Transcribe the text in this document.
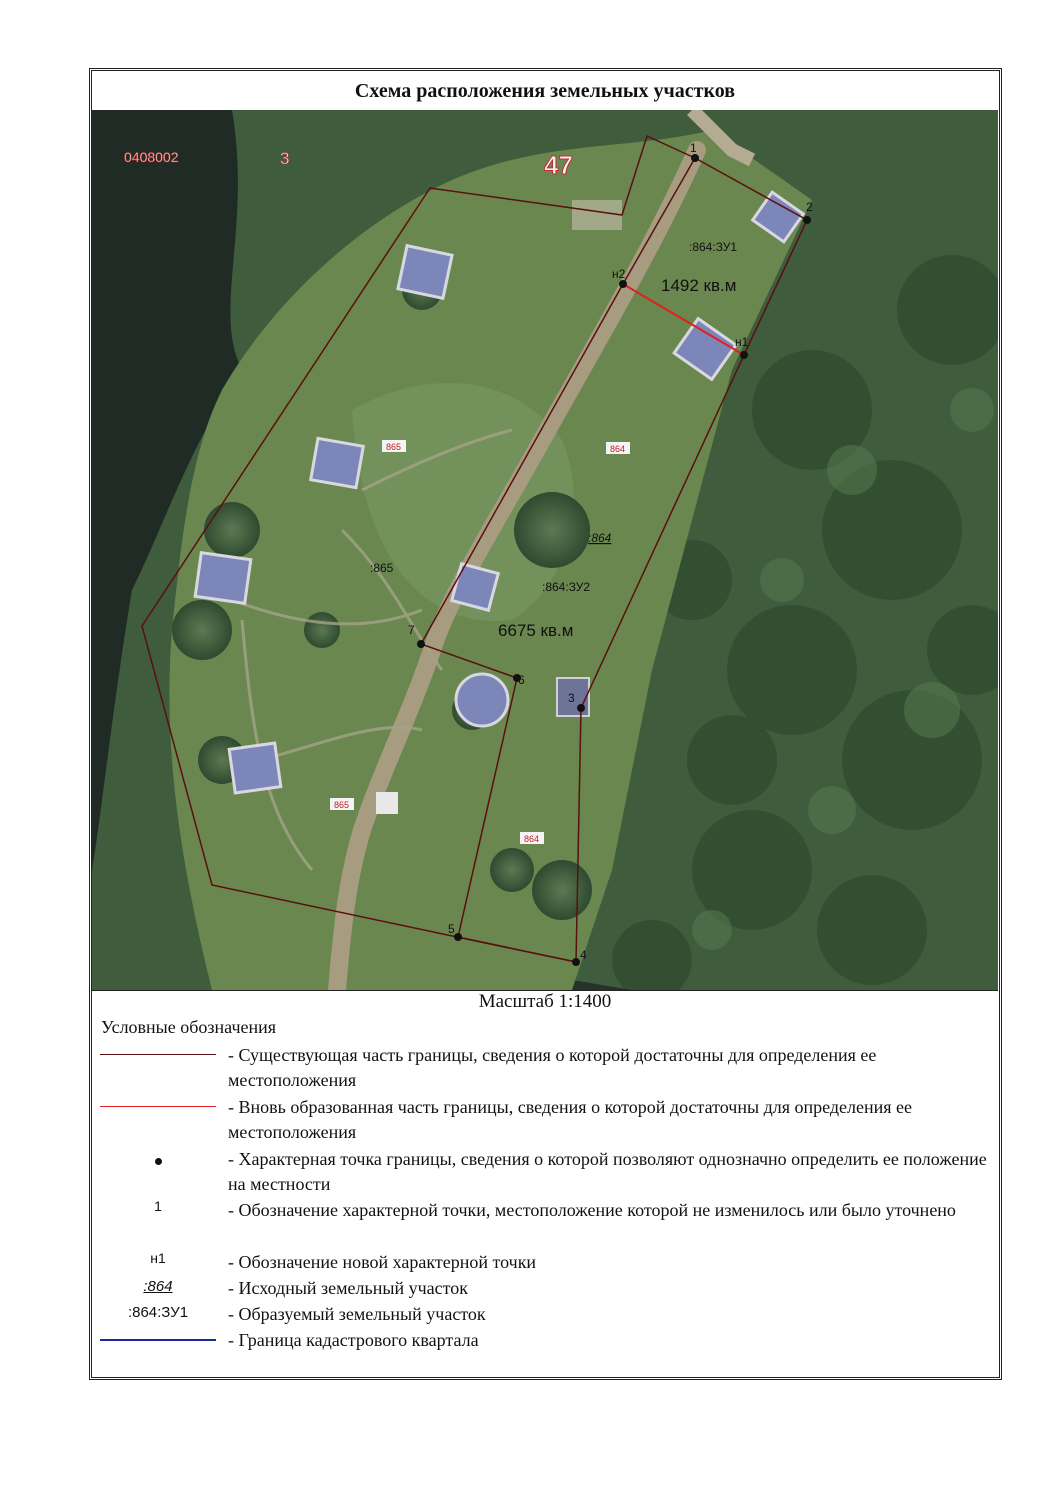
Схема расположения земельных участков
0408002	3	47
1
2
н1
н2
3
4
5
6
7
:864:ЗУ1
1492 кв.м
:864:ЗУ2
6675 кв.м
:865
:864
865	864
865
864
Масштаб 1:1400
Условные обозначения
- Существующая часть границы, сведения о которой достаточны для определения ее местоположения
- Вновь образованная часть границы, сведения о которой достаточны для определения ее местоположения
- Характерная точка границы, сведения о которой позволяют однозначно определить ее положение на местности
1	- Обозначение характерной точки, местоположение которой не изменилось или было уточнено
н1	- Обозначение новой характерной точки
:864	- Исходный земельный участок
:864:ЗУ1	- Образуемый земельный участок
- Граница кадастрового квартала
